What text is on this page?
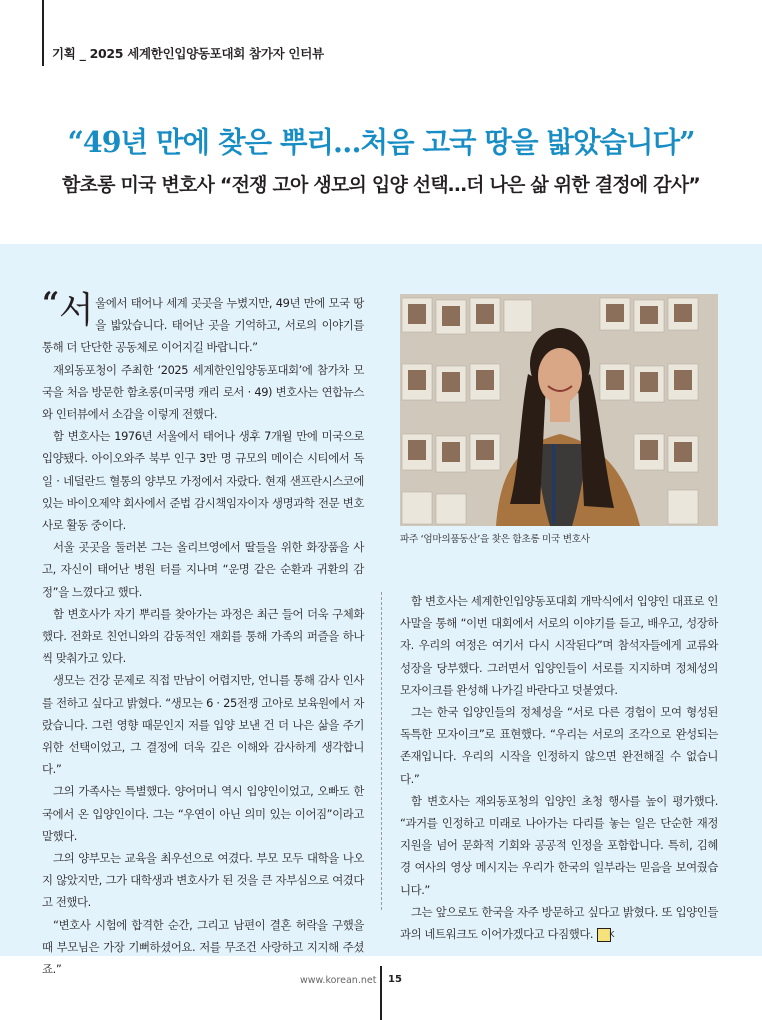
기획 _ 2025 세계한인입양동포대회 참가자 인터뷰
“49년 만에 찾은 뿌리…처음 고국 땅을 밟았습니다”
함초롱 미국 변호사 “전쟁 고아 생모의 입양 선택…더 나은 삶 위한 결정에 감사”

“ 서 울에서 태어나 세계 곳곳을 누볐지만, 49년 만에 모국 땅을 밟았습니다. 태어난 곳을 기억하고, 서로의 이야기를 통해 더 단단한 공동체로 이어지길 바랍니다.”

재외동포청이 주최한 ‘2025 세계한인입양동포대회’에 참가차 모국을 처음 방문한 함초롱(미국명 캐리 로서 · 49) 변호사는 연합뉴스와 인터뷰에서 소감을 이렇게 전했다.

함 변호사는 1976년 서울에서 태어나 생후 7개월 만에 미국으로 입양됐다. 아이오와주 북부 인구 3만 명 규모의 메이슨 시티에서 독일 · 네덜란드 혈통의 양부모 가정에서 자랐다. 현재 샌프란시스코에 있는 바이오제약 회사에서 준법 감시책임자이자 생명과학 전문 변호사로 활동 중이다.

서울 곳곳을 둘러본 그는 올리브영에서 딸들을 위한 화장품을 사고, 자신이 태어난 병원 터를 지나며 “운명 같은 순환과 귀환의 감정”을 느꼈다고 했다.

함 변호사가 자기 뿌리를 찾아가는 과정은 최근 들어 더욱 구체화했다. 전화로 친언니와의 감동적인 재회를 통해 가족의 퍼즐을 하나씩 맞춰가고 있다.

생모는 건강 문제로 직접 만남이 어렵지만, 언니를 통해 감사 인사를 전하고 싶다고 밝혔다. “생모는 6 · 25전쟁 고아로 보육원에서 자랐습니다. 그런 영향 때문인지 저를 입양 보낸 건 더 나은 삶을 주기 위한 선택이었고, 그 결정에 더욱 깊은 이해와 감사하게 생각합니다.”

그의 가족사는 특별했다. 양어머니 역시 입양인이었고, 오빠도 한국에서 온 입양인이다. 그는 “우연이 아닌 의미 있는 이어짐”이라고 말했다.

그의 양부모는 교육을 최우선으로 여겼다. 부모 모두 대학을 나오지 않았지만, 그가 대학생과 변호사가 된 것을 큰 자부심으로 여겼다고 전했다.

“변호사 시험에 합격한 순간, 그리고 남편이 결혼 허락을 구했을 때 부모님은 가장 기뻐하셨어요. 저를 무조건 사랑하고 지지해 주셨죠.”

파주 ‘엄마의품동산’을 찾은 함초롱 미국 변호사

함 변호사는 세계한인입양동포대회 개막식에서 입양인 대표로 인사말을 통해 “이번 대회에서 서로의 이야기를 듣고, 배우고, 성장하자. 우리의 여정은 여기서 다시 시작된다”며 참석자들에게 교류와 성장을 당부했다. 그러면서 입양인들이 서로를 지지하며 정체성의 모자이크를 완성해 나가길 바란다고 덧붙였다.

그는 한국 입양인들의 정체성을 “서로 다른 경험이 모여 형성된 독특한 모자이크”로 표현했다. “우리는 서로의 조각으로 완성되는 존재입니다. 우리의 시작을 인정하지 않으면 완전해질 수 없습니다.”

함 변호사는 재외동포청의 입양인 초청 행사를 높이 평가했다. “과거를 인정하고 미래로 나아가는 다리를 놓는 일은 단순한 재정 지원을 넘어 문화적 기회와 공공적 인정을 포함합니다. 특히, 김혜경 여사의 영상 메시지는 우리가 한국의 일부라는 믿음을 보여줬습니다.”

그는 앞으로도 한국을 자주 방문하고 싶다고 밝혔다. 또 입양인들과의 네트워크도 이어가겠다고 다짐했다. K

www.korean.net 15
